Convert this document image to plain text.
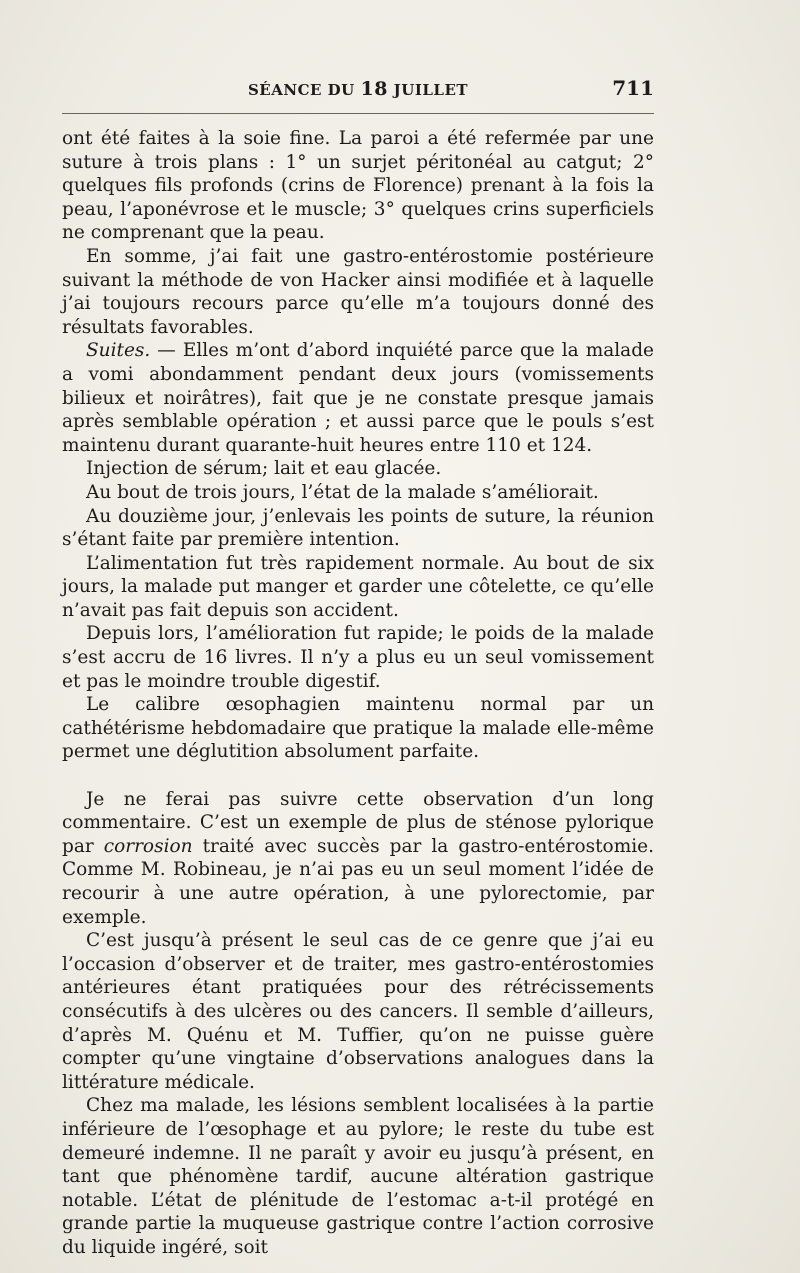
SÉANCE DU 18 JUILLET	711

ont été faites à la soie fine. La paroi a été refermée par une suture à trois plans : 1° un surjet péritonéal au catgut; 2° quelques fils profonds (crins de Florence) prenant à la fois la peau, l’aponévrose et le muscle; 3° quelques crins superficiels ne comprenant que la peau.

En somme, j’ai fait une gastro-entérostomie postérieure suivant la méthode de von Hacker ainsi modifiée et à laquelle j’ai toujours recours parce qu’elle m’a toujours donné des résultats favorables.

Suites. — Elles m’ont d’abord inquiété parce que la malade a vomi abondamment pendant deux jours (vomissements bilieux et noirâtres), fait que je ne constate presque jamais après semblable opération ; et aussi parce que le pouls s’est maintenu durant quarante-huit heures entre 110 et 124.

Injection de sérum; lait et eau glacée.

Au bout de trois jours, l’état de la malade s’améliorait.

Au douzième jour, j’enlevais les points de suture, la réunion s’étant faite par première intention.

L’alimentation fut très rapidement normale. Au bout de six jours, la malade put manger et garder une côtelette, ce qu’elle n’avait pas fait depuis son accident.

Depuis lors, l’amélioration fut rapide; le poids de la malade s’est accru de 16 livres. Il n’y a plus eu un seul vomissement et pas le moindre trouble digestif.

Le calibre œsophagien maintenu normal par un cathétérisme hebdomadaire que pratique la malade elle-même permet une déglutition absolument parfaite.

Je ne ferai pas suivre cette observation d’un long commentaire. C’est un exemple de plus de sténose pylorique par corrosion traité avec succès par la gastro-entérostomie. Comme M. Robineau, je n’ai pas eu un seul moment l’idée de recourir à une autre opération, à une pylorectomie, par exemple.

C’est jusqu’à présent le seul cas de ce genre que j’ai eu l’occasion d’observer et de traiter, mes gastro-entérostomies antérieures étant pratiquées pour des rétrécissements consécutifs à des ulcères ou des cancers. Il semble d’ailleurs, d’après M. Quénu et M. Tuffier, qu’on ne puisse guère compter qu’une vingtaine d’observations analogues dans la littérature médicale.

Chez ma malade, les lésions semblent localisées à la partie inférieure de l’œsophage et au pylore; le reste du tube est demeuré indemne. Il ne paraît y avoir eu jusqu’à présent, en tant que phénomène tardif, aucune altération gastrique notable. L’état de plénitude de l’estomac a-t-il protégé en grande partie la muqueuse gastrique contre l’action corrosive du liquide ingéré, soit
